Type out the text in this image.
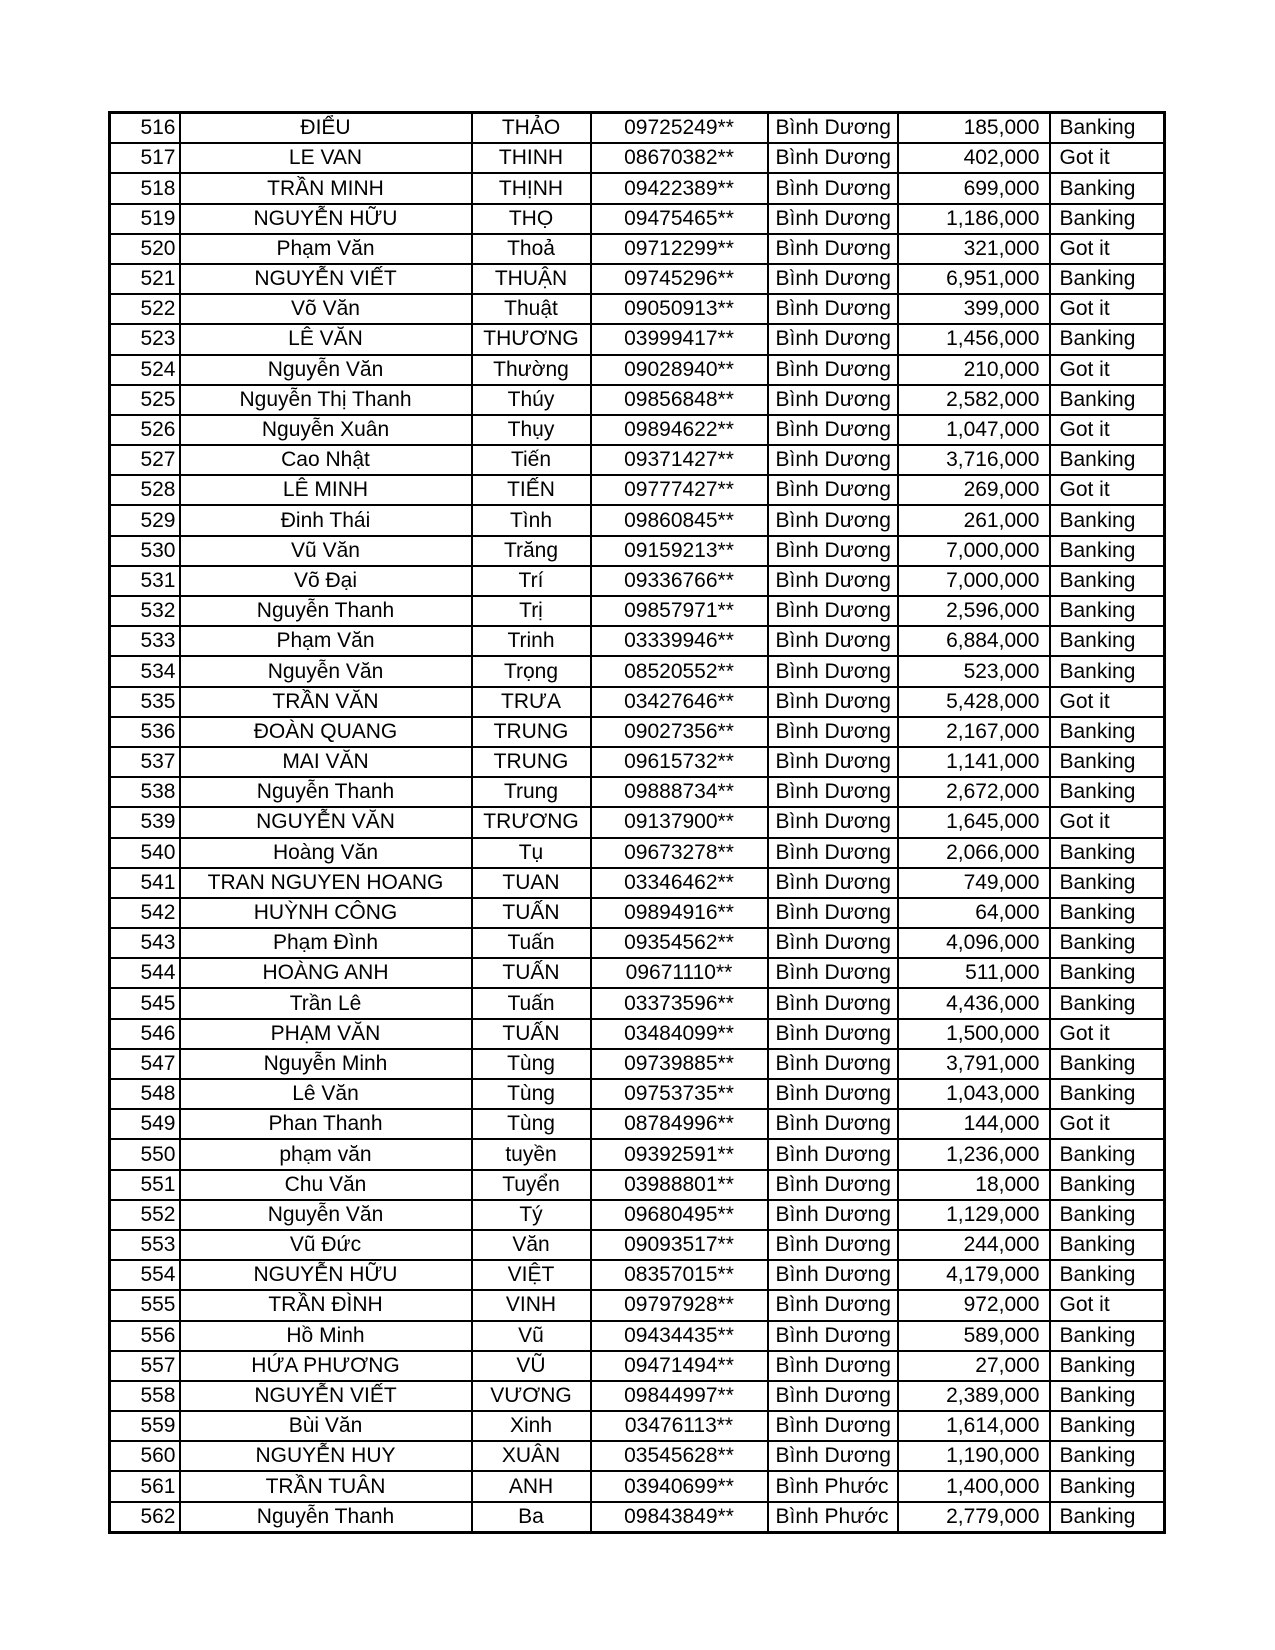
516	ĐIỂU	THẢO	09725249**	Bình Dương	185,000	Banking
517	LE VAN	THINH	08670382**	Bình Dương	402,000	Got it
518	TRẦN MINH	THỊNH	09422389**	Bình Dương	699,000	Banking
519	NGUYỄN HỮU	THỌ	09475465**	Bình Dương	1,186,000	Banking
520	Phạm Văn	Thoả	09712299**	Bình Dương	321,000	Got it
521	NGUYỄN VIẾT	THUẬN	09745296**	Bình Dương	6,951,000	Banking
522	Võ Văn	Thuật	09050913**	Bình Dương	399,000	Got it
523	LÊ VĂN	THƯƠNG	03999417**	Bình Dương	1,456,000	Banking
524	Nguyễn Văn	Thường	09028940**	Bình Dương	210,000	Got it
525	Nguyễn Thị Thanh	Thúy	09856848**	Bình Dương	2,582,000	Banking
526	Nguyễn Xuân	Thụy	09894622**	Bình Dương	1,047,000	Got it
527	Cao Nhật	Tiến	09371427**	Bình Dương	3,716,000	Banking
528	LÊ MINH	TIẾN	09777427**	Bình Dương	269,000	Got it
529	Đinh Thái	Tình	09860845**	Bình Dương	261,000	Banking
530	Vũ Văn	Trăng	09159213**	Bình Dương	7,000,000	Banking
531	Võ Đại	Trí	09336766**	Bình Dương	7,000,000	Banking
532	Nguyễn Thanh	Trị	09857971**	Bình Dương	2,596,000	Banking
533	Phạm Văn	Trinh	03339946**	Bình Dương	6,884,000	Banking
534	Nguyễn Văn	Trọng	08520552**	Bình Dương	523,000	Banking
535	TRẦN VĂN	TRƯA	03427646**	Bình Dương	5,428,000	Got it
536	ĐOÀN QUANG	TRUNG	09027356**	Bình Dương	2,167,000	Banking
537	MAI VĂN	TRUNG	09615732**	Bình Dương	1,141,000	Banking
538	Nguyễn Thanh	Trung	09888734**	Bình Dương	2,672,000	Banking
539	NGUYỄN VĂN	TRƯƠNG	09137900**	Bình Dương	1,645,000	Got it
540	Hoàng Văn	Tụ	09673278**	Bình Dương	2,066,000	Banking
541	TRAN NGUYEN HOANG	TUAN	03346462**	Bình Dương	749,000	Banking
542	HUỲNH CÔNG	TUẤN	09894916**	Bình Dương	64,000	Banking
543	Phạm Đình	Tuấn	09354562**	Bình Dương	4,096,000	Banking
544	HOÀNG ANH	TUẤN	09671110**	Bình Dương	511,000	Banking
545	Trần Lê	Tuấn	03373596**	Bình Dương	4,436,000	Banking
546	PHẠM VĂN	TUẤN	03484099**	Bình Dương	1,500,000	Got it
547	Nguyễn Minh	Tùng	09739885**	Bình Dương	3,791,000	Banking
548	Lê Văn	Tùng	09753735**	Bình Dương	1,043,000	Banking
549	Phan Thanh	Tùng	08784996**	Bình Dương	144,000	Got it
550	phạm văn	tuyền	09392591**	Bình Dương	1,236,000	Banking
551	Chu Văn	Tuyển	03988801**	Bình Dương	18,000	Banking
552	Nguyễn Văn	Tý	09680495**	Bình Dương	1,129,000	Banking
553	Vũ Đức	Văn	09093517**	Bình Dương	244,000	Banking
554	NGUYỄN HỮU	VIỆT	08357015**	Bình Dương	4,179,000	Banking
555	TRẦN ĐÌNH	VINH	09797928**	Bình Dương	972,000	Got it
556	Hồ Minh	Vũ	09434435**	Bình Dương	589,000	Banking
557	HỨA PHƯƠNG	VŨ	09471494**	Bình Dương	27,000	Banking
558	NGUYỄN VIẾT	VƯƠNG	09844997**	Bình Dương	2,389,000	Banking
559	Bùi Văn	Xinh	03476113**	Bình Dương	1,614,000	Banking
560	NGUYỄN HUY	XUÂN	03545628**	Bình Dương	1,190,000	Banking
561	TRẦN TUÂN	ANH	03940699**	Bình Phước	1,400,000	Banking
562	Nguyễn Thanh	Ba	09843849**	Bình Phước	2,779,000	Banking
